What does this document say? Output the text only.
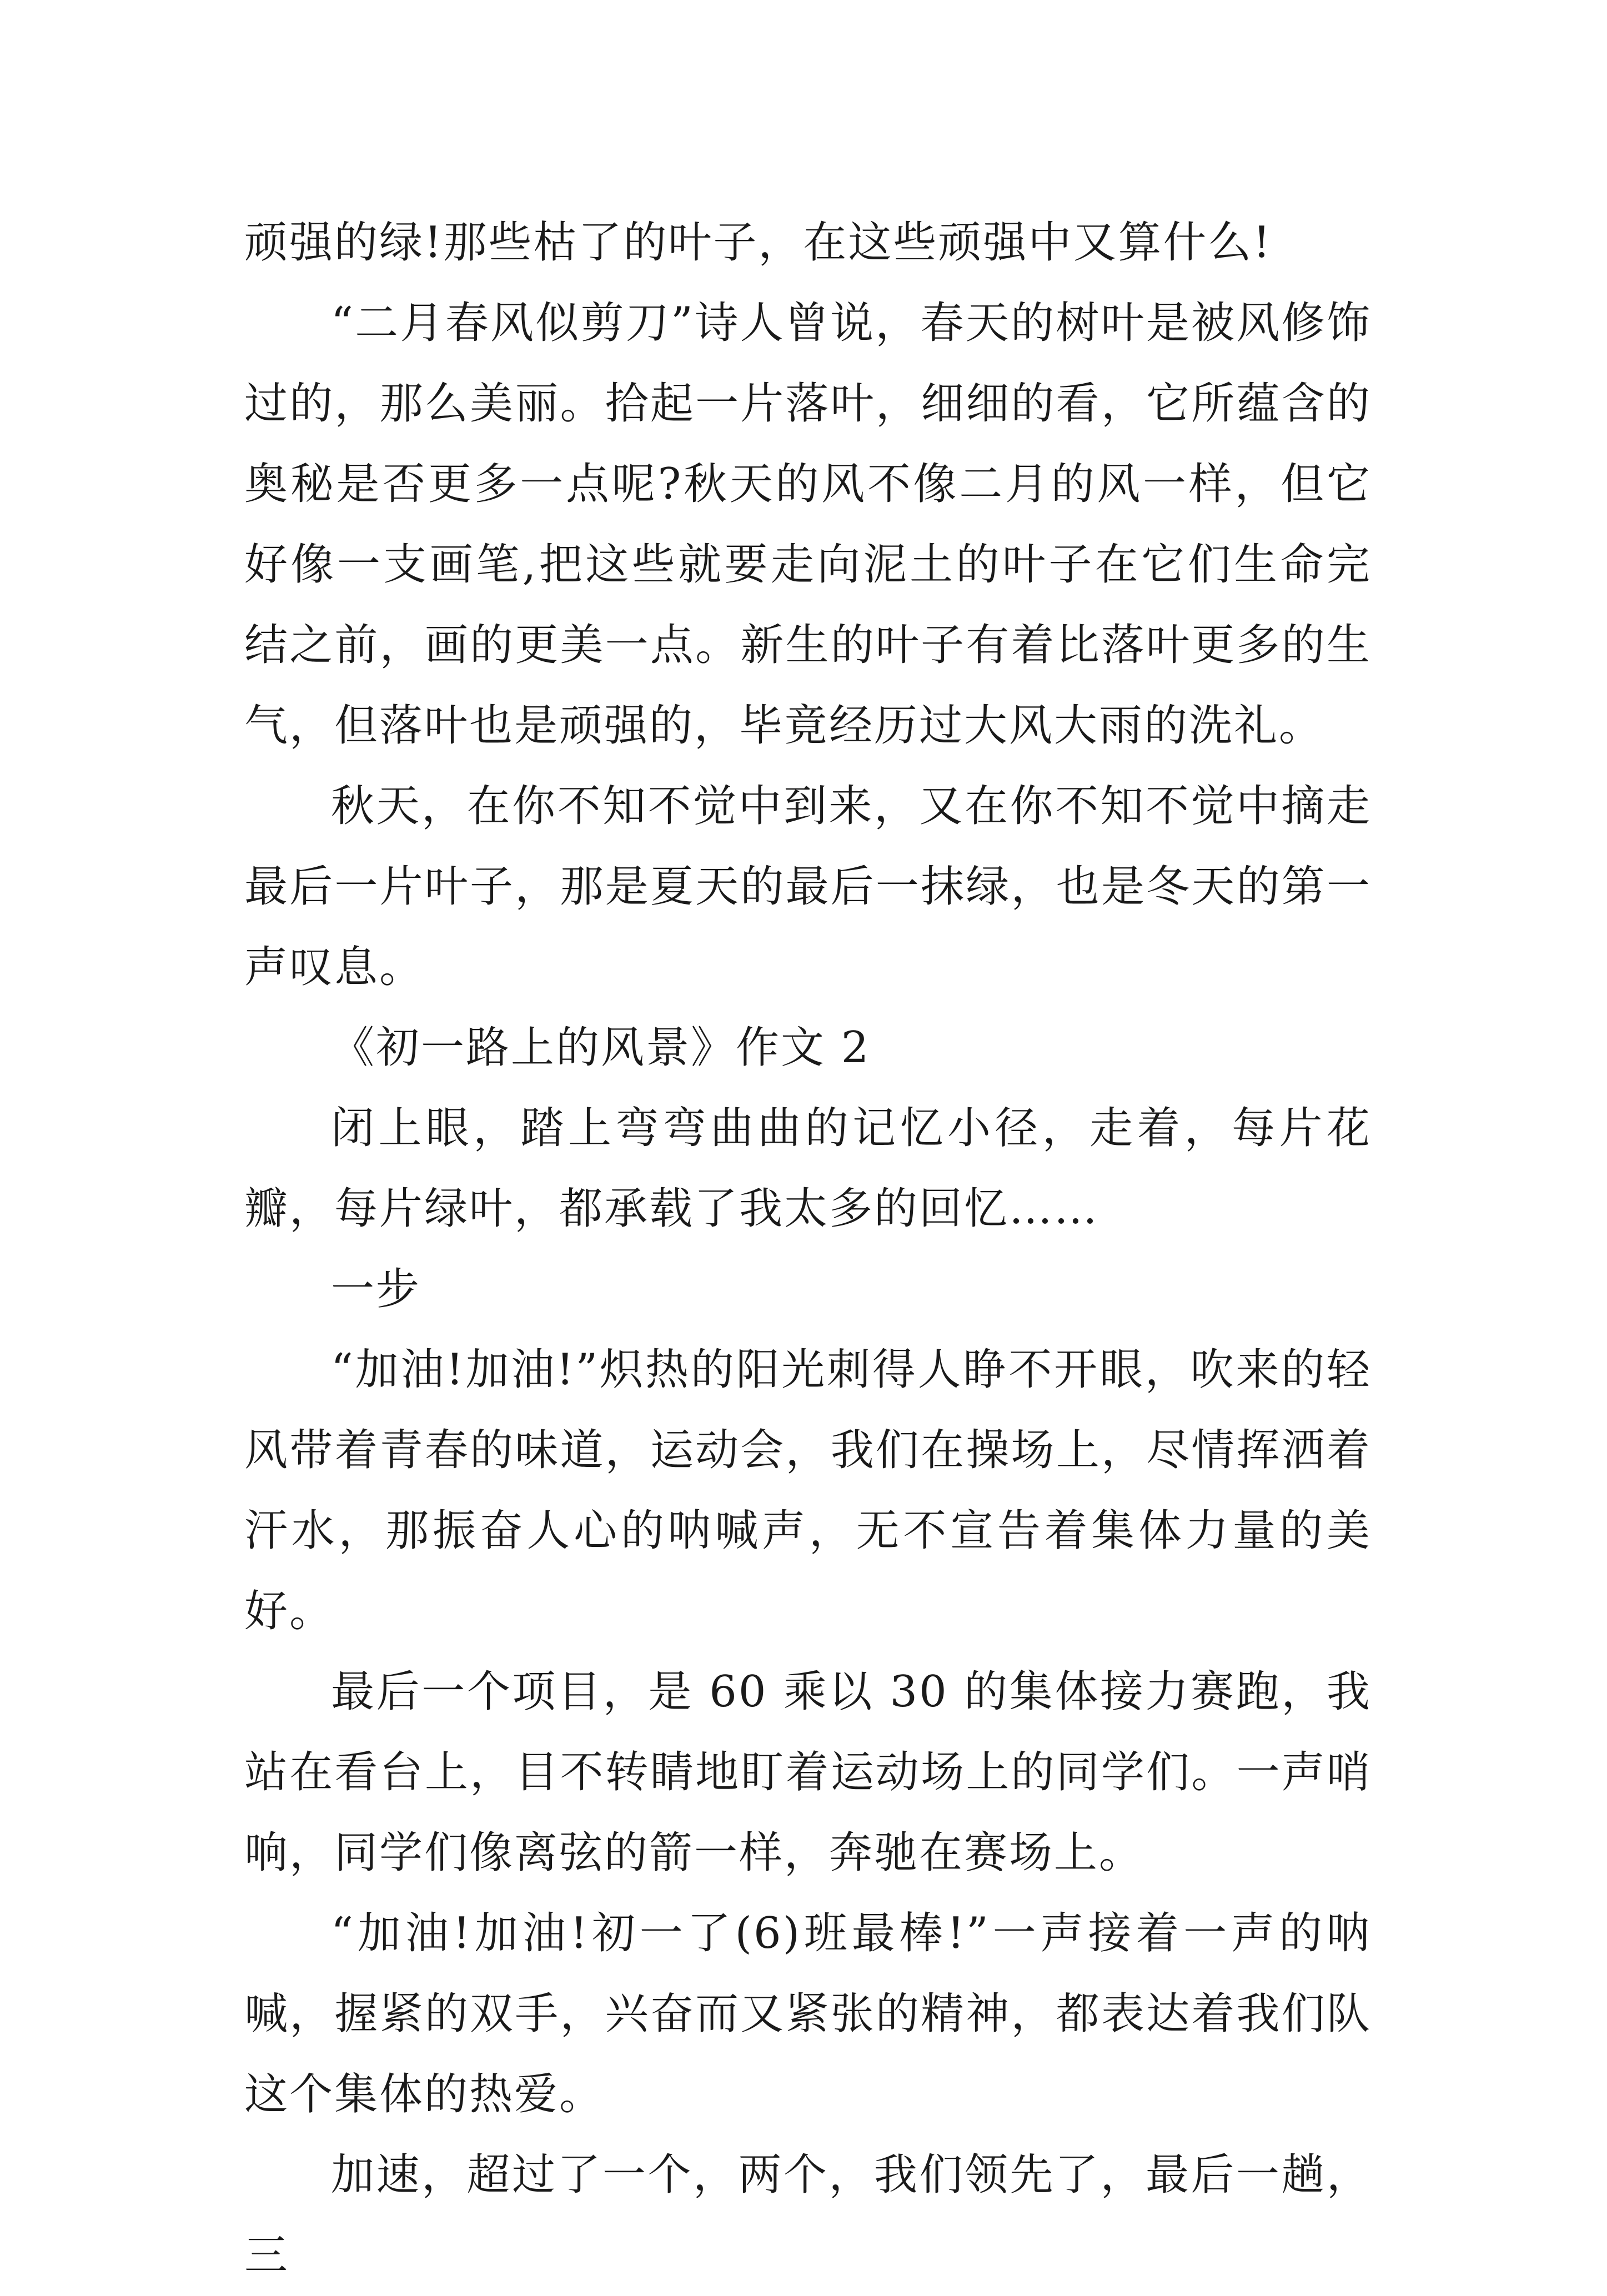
顽强的绿!那些枯了的叶子，在这些顽强中又算什么!

“二月春风似剪刀”诗人曾说，春天的树叶是被风修饰过的，那么美丽。拾起一片落叶，细细的看，它所蕴含的奥秘是否更多一点呢?秋天的风不像二月的风一样，但它好像一支画笔,把这些就要走向泥土的叶子在它们生命完结之前，画的更美一点。新生的叶子有着比落叶更多的生气，但落叶也是顽强的，毕竟经历过大风大雨的洗礼。

秋天，在你不知不觉中到来，又在你不知不觉中摘走最后一片叶子，那是夏天的最后一抹绿，也是冬天的第一声叹息。

《初一路上的风景》作文 2

闭上眼，踏上弯弯曲曲的记忆小径，走着，每片花瓣，每片绿叶，都承载了我太多的回忆……

一步

“加油!加油!”炽热的阳光刺得人睁不开眼，吹来的轻风带着青春的味道，运动会，我们在操场上，尽情挥洒着汗水，那振奋人心的呐喊声，无不宣告着集体力量的美好。

最后一个项目，是 60 乘以 30 的集体接力赛跑，我站在看台上，目不转睛地盯着运动场上的同学们。一声哨响，同学们像离弦的箭一样，奔驰在赛场上。

“加油!加油!初一了(6)班最棒!”一声接着一声的呐喊，握紧的双手，兴奋而又紧张的精神，都表达着我们队这个集体的热爱。

加速，超过了一个，两个，我们领先了，最后一趟，三
